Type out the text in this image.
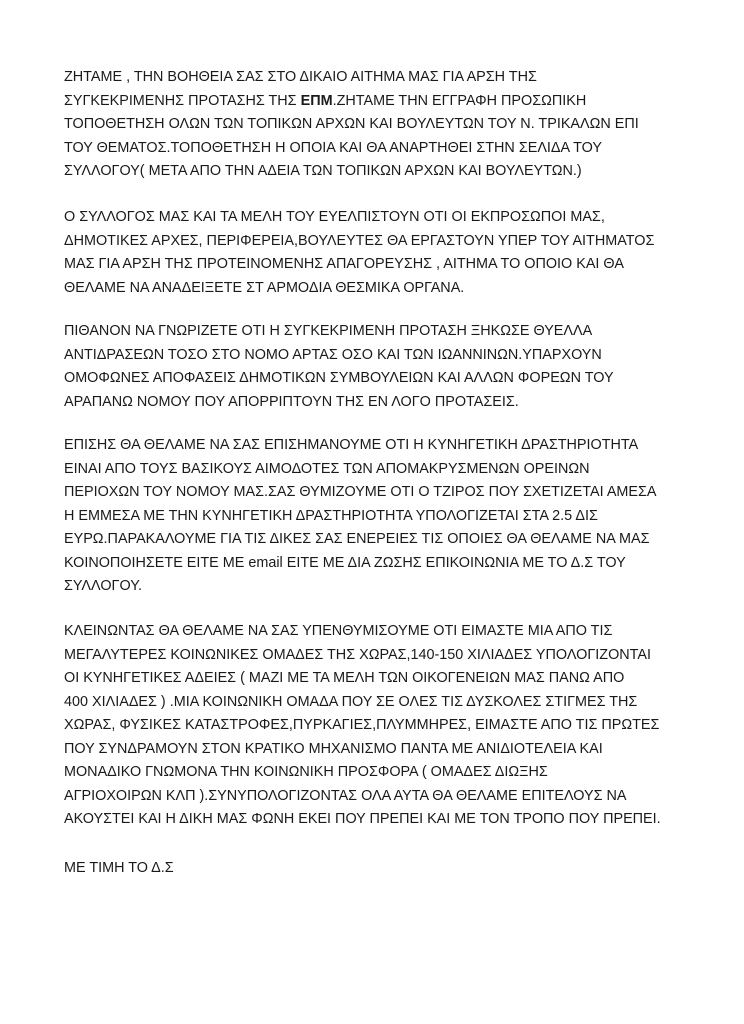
ΖΗΤΑΜΕ , ΤΗΝ ΒΟΗΘΕΙΑ ΣΑΣ ΣΤΟ ΔΙΚΑΙΟ ΑΙΤΗΜΑ ΜΑΣ ΓΙΑ ΑΡΣΗ ΤΗΣ
ΣΥΓΚΕΚΡΙΜΕΝΗΣ ΠΡΟΤΑΣΗΣ ΤΗΣ ΕΠΜ.ΖΗΤΑΜΕ ΤΗΝ ΕΓΓΡΑΦΗ ΠΡΟΣΩΠΙΚΗ
ΤΟΠΟΘΕΤΗΣΗ ΟΛΩΝ ΤΩΝ ΤΟΠΙΚΩΝ ΑΡΧΩΝ ΚΑΙ ΒΟΥΛΕΥΤΩΝ ΤΟΥ Ν. ΤΡΙΚΑΛΩΝ ΕΠΙ
ΤΟΥ ΘΕΜΑΤΟΣ.ΤΟΠΟΘΕΤΗΣΗ Η ΟΠΟΙΑ ΚΑΙ ΘΑ ΑΝΑΡΤΗΘΕΙ ΣΤΗΝ ΣΕΛΙΔΑ ΤΟΥ
ΣΥΛΛΟΓΟΥ( ΜΕΤΑ ΑΠΟ ΤΗΝ ΑΔΕΙΑ ΤΩΝ ΤΟΠΙΚΩΝ ΑΡΧΩΝ ΚΑΙ ΒΟΥΛΕΥΤΩΝ.)
Ο ΣΥΛΛΟΓΟΣ ΜΑΣ ΚΑΙ ΤΑ ΜΕΛΗ ΤΟΥ ΕΥΕΛΠΙΣΤΟΥΝ ΟΤΙ ΟΙ ΕΚΠΡΟΣΩΠΟΙ ΜΑΣ,
ΔΗΜΟΤΙΚΕΣ ΑΡΧΕΣ, ΠΕΡΙΦΕΡΕΙΑ,ΒΟΥΛΕΥΤΕΣ ΘΑ ΕΡΓΑΣΤΟΥΝ ΥΠΕΡ ΤΟΥ ΑΙΤΗΜΑΤΟΣ
ΜΑΣ ΓΙΑ ΑΡΣΗ ΤΗΣ ΠΡΟΤΕΙΝΟΜΕΝΗΣ ΑΠΑΓΟΡΕΥΣΗΣ , ΑΙΤΗΜΑ ΤΟ ΟΠΟΙΟ ΚΑΙ ΘΑ
ΘΕΛΑΜΕ ΝΑ ΑΝΑΔΕΙΞΕΤΕ ΣΤ ΑΡΜΟΔΙΑ ΘΕΣΜΙΚΑ ΟΡΓΑΝΑ.
ΠΙΘΑΝΟΝ ΝΑ ΓΝΩΡΙΖΕΤΕ ΟΤΙ Η ΣΥΓΚΕΚΡΙΜΕΝΗ ΠΡΟΤΑΣΗ ΞΗΚΩΣΕ ΘΥΕΛΛΑ
ΑΝΤΙΔΡΑΣΕΩΝ ΤΟΣΟ ΣΤΟ ΝΟΜΟ ΑΡΤΑΣ ΟΣΟ ΚΑΙ ΤΩΝ ΙΩΑΝΝΙΝΩΝ.ΥΠΑΡΧΟΥΝ
ΟΜΟΦΩΝΕΣ ΑΠΟΦΑΣΕΙΣ ΔΗΜΟΤΙΚΩΝ ΣΥΜΒΟΥΛΕΙΩΝ ΚΑΙ ΑΛΛΩΝ ΦΟΡΕΩΝ ΤΟΥ
ΑΡΑΠΑΝΩ ΝΟΜΟΥ ΠΟΥ ΑΠΟΡΡΙΠΤΟΥΝ ΤΗΣ ΕΝ ΛΟΓΟ ΠΡΟΤΑΣΕΙΣ.
ΕΠΙΣΗΣ ΘΑ ΘΕΛΑΜΕ ΝΑ ΣΑΣ ΕΠΙΣΗΜΑΝΟΥΜΕ ΟΤΙ Η ΚΥΝΗΓΕΤΙΚΗ ΔΡΑΣΤΗΡΙΟΤΗΤΑ
ΕΙΝΑΙ ΑΠΟ ΤΟΥΣ ΒΑΣΙΚΟΥΣ ΑΙΜΟΔΟΤΕΣ ΤΩΝ ΑΠΟΜΑΚΡΥΣΜΕΝΩΝ ΟΡΕΙΝΩΝ
ΠΕΡΙΟΧΩΝ ΤΟΥ ΝΟΜΟΥ ΜΑΣ.ΣΑΣ ΘΥΜΙΖΟΥΜΕ ΟΤΙ Ο ΤΖΙΡΟΣ ΠΟΥ ΣΧΕΤΙΖΕΤΑΙ ΑΜΕΣΑ
Η ΕΜΜΕΣΑ ΜΕ ΤΗΝ ΚΥΝΗΓΕΤΙΚΗ ΔΡΑΣΤΗΡΙΟΤΗΤΑ ΥΠΟΛΟΓΙΖΕΤΑΙ ΣΤΑ 2.5 ΔΙΣ
ΕΥΡΩ.ΠΑΡΑΚΑΛΟΥΜΕ ΓΙΑ ΤΙΣ ΔΙΚΕΣ ΣΑΣ ΕΝΕΡΕΙΕΣ ΤΙΣ ΟΠΟΙΕΣ ΘΑ ΘΕΛΑΜΕ ΝΑ ΜΑΣ
ΚΟΙΝΟΠΟΙΗΣΕΤΕ ΕΙΤΕ ΜΕ email ΕΙΤΕ ΜΕ ΔΙΑ ΖΩΣΗΣ ΕΠΙΚΟΙΝΩΝΙΑ ΜΕ ΤΟ Δ.Σ ΤΟΥ
ΣΥΛΛΟΓΟΥ.
ΚΛΕΙΝΩΝΤΑΣ ΘΑ ΘΕΛΑΜΕ ΝΑ ΣΑΣ ΥΠΕΝΘΥΜΙΣΟΥΜΕ ΟΤΙ ΕΙΜΑΣΤΕ ΜΙΑ ΑΠΟ ΤΙΣ
ΜΕΓΑΛΥΤΕΡΕΣ ΚΟΙΝΩΝΙΚΕΣ ΟΜΑΔΕΣ ΤΗΣ ΧΩΡΑΣ,140-150 ΧΙΛΙΑΔΕΣ ΥΠΟΛΟΓΙΖΟΝΤΑΙ
ΟΙ ΚΥΝΗΓΕΤΙΚΕΣ ΑΔΕΙΕΣ ( ΜΑΖΙ ΜΕ ΤΑ ΜΕΛΗ ΤΩΝ ΟΙΚΟΓΕΝΕΙΩΝ ΜΑΣ ΠΑΝΩ ΑΠΟ
400 ΧΙΛΙΑΔΕΣ ) .ΜΙΑ ΚΟΙΝΩΝΙΚΗ ΟΜΑΔΑ ΠΟΥ ΣΕ ΟΛΕΣ ΤΙΣ ΔΥΣΚΟΛΕΣ ΣΤΙΓΜΕΣ ΤΗΣ
ΧΩΡΑΣ, ΦΥΣΙΚΕΣ ΚΑΤΑΣΤΡΟΦΕΣ,ΠΥΡΚΑΓΙΕΣ,ΠΛΥΜΜΗΡΕΣ, ΕΙΜΑΣΤΕ ΑΠΟ ΤΙΣ ΠΡΩΤΕΣ
ΠΟΥ ΣΥΝΔΡΑΜΟΥΝ ΣΤΟΝ ΚΡΑΤΙΚΟ ΜΗΧΑΝΙΣΜΟ ΠΑΝΤΑ ΜΕ ΑΝΙΔΙΟΤΕΛΕΙΑ ΚΑΙ
ΜΟΝΑΔΙΚΟ ΓΝΩΜΟΝΑ ΤΗΝ ΚΟΙΝΩΝΙΚΗ ΠΡΟΣΦΟΡΑ ( ΟΜΑΔΕΣ ΔΙΩΞΗΣ
ΑΓΡΙΟΧΟΙΡΩΝ ΚΛΠ ).ΣΥΝΥΠΟΛΟΓΙΖΟΝΤΑΣ ΟΛΑ ΑΥΤΑ ΘΑ ΘΕΛΑΜΕ ΕΠΙΤΕΛΟΥΣ ΝΑ
ΑΚΟΥΣΤΕΙ ΚΑΙ Η ΔΙΚΗ ΜΑΣ ΦΩΝΗ ΕΚΕΙ ΠΟΥ ΠΡΕΠΕΙ ΚΑΙ ΜΕ ΤΟΝ ΤΡΟΠΟ ΠΟΥ ΠΡΕΠΕΙ.
ΜΕ ΤΙΜΗ ΤΟ Δ.Σ
